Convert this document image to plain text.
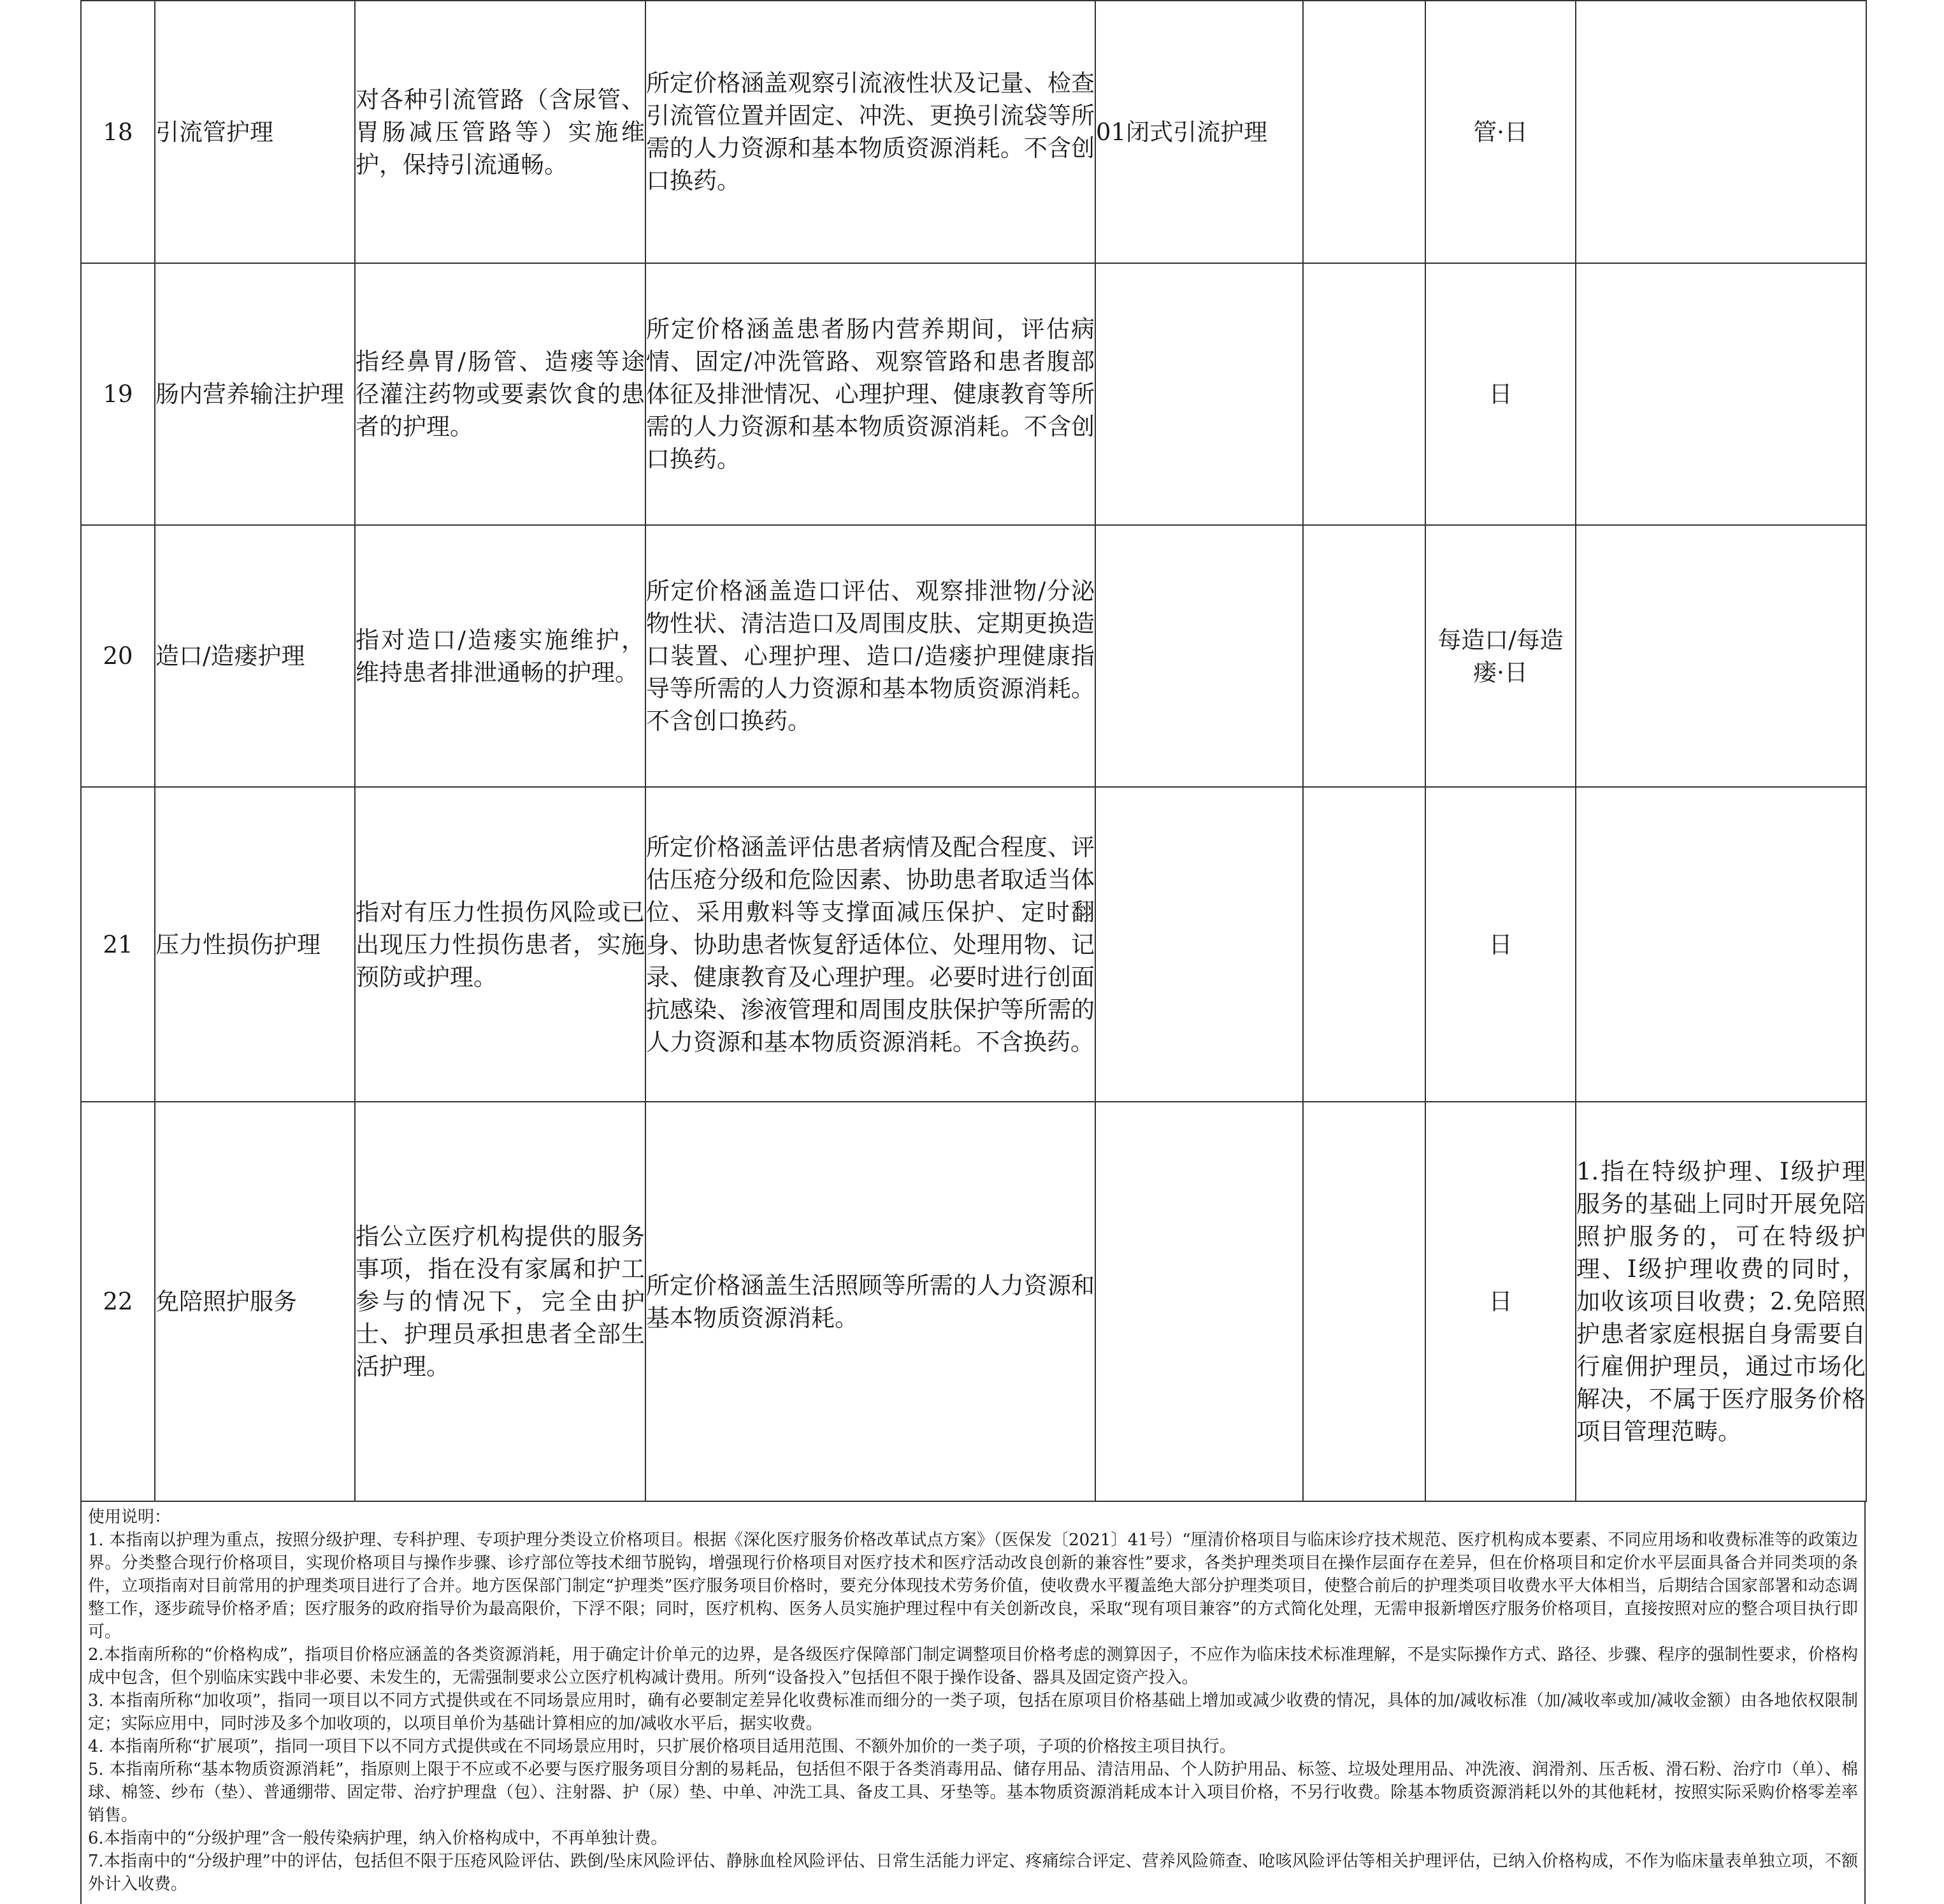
18	引流管护理	对各种引流管路（含尿管、胃肠减压管路等）实施维护，保持引流通畅。	所定价格涵盖观察引流液性状及记量、检查引流管位置并固定、冲洗、更换引流袋等所需的人力资源和基本物质资源消耗。不含创口换药。	01闭式引流护理		管·日	
19	肠内营养输注护理	指经鼻胃/肠管、造瘘等途径灌注药物或要素饮食的患者的护理。	所定价格涵盖患者肠内营养期间，评估病情、固定/冲洗管路、观察管路和患者腹部体征及排泄情况、心理护理、健康教育等所需的人力资源和基本物质资源消耗。不含创口换药。			日	
20	造口/造瘘护理	指对造口/造瘘实施维护，维持患者排泄通畅的护理。	所定价格涵盖造口评估、观察排泄物/分泌物性状、清洁造口及周围皮肤、定期更换造口装置、心理护理、造口/造瘘护理健康指导等所需的人力资源和基本物质资源消耗。不含创口换药。			每造口/每造瘘·日	
21	压力性损伤护理	指对有压力性损伤风险或已出现压力性损伤患者，实施预防或护理。	所定价格涵盖评估患者病情及配合程度、评估压疮分级和危险因素、协助患者取适当体位、采用敷料等支撑面减压保护、定时翻身、协助患者恢复舒适体位、处理用物、记录、健康教育及心理护理。必要时进行创面抗感染、渗液管理和周围皮肤保护等所需的人力资源和基本物质资源消耗。不含换药。			日	
22	免陪照护服务	指公立医疗机构提供的服务事项，指在没有家属和护工参与的情况下，完全由护士、护理员承担患者全部生活护理。	所定价格涵盖生活照顾等所需的人力资源和基本物质资源消耗。			日	1.指在特级护理、I级护理服务的基础上同时开展免陪照护服务的，可在特级护理、I级护理收费的同时，加收该项目收费；2.免陪照护患者家庭根据自身需要自行雇佣护理员，通过市场化解决，不属于医疗服务价格项目管理范畴。

使用说明：

1. 本指南以护理为重点，按照分级护理、专科护理、专项护理分类设立价格项目。根据《深化医疗服务价格改革试点方案》（医保发〔2021〕41号）“厘清价格项目与临床诊疗技术规范、医疗机构成本要素、不同应用场和收费标准等的政策边界。分类整合现行价格项目，实现价格项目与操作步骤、诊疗部位等技术细节脱钩，增强现行价格项目对医疗技术和医疗活动改良创新的兼容性”要求，各类护理类项目在操作层面存在差异，但在价格项目和定价水平层面具备合并同类项的条件，立项指南对目前常用的护理类项目进行了合并。地方医保部门制定“护理类”医疗服务项目价格时，要充分体现技术劳务价值，使收费水平覆盖绝大部分护理类项目，使整合前后的护理类项目收费水平大体相当，后期结合国家部署和动态调整工作，逐步疏导价格矛盾；医疗服务的政府指导价为最高限价，下浮不限；同时，医疗机构、医务人员实施护理过程中有关创新改良，采取“现有项目兼容”的方式简化处理，无需申报新增医疗服务价格项目，直接按照对应的整合项目执行即可。

2.本指南所称的“价格构成”，指项目价格应涵盖的各类资源消耗，用于确定计价单元的边界，是各级医疗保障部门制定调整项目价格考虑的测算因子，不应作为临床技术标准理解，不是实际操作方式、路径、步骤、程序的强制性要求，价格构成中包含，但个别临床实践中非必要、未发生的，无需强制要求公立医疗机构减计费用。所列“设备投入”包括但不限于操作设备、器具及固定资产投入。

3. 本指南所称“加收项”，指同一项目以不同方式提供或在不同场景应用时，确有必要制定差异化收费标准而细分的一类子项，包括在原项目价格基础上增加或减少收费的情况，具体的加/减收标准（加/减收率或加/减收金额）由各地依权限制定；实际应用中，同时涉及多个加收项的，以项目单价为基础计算相应的加/减收水平后，据实收费。

4. 本指南所称“扩展项”，指同一项目下以不同方式提供或在不同场景应用时，只扩展价格项目适用范围、不额外加价的一类子项，子项的价格按主项目执行。

5. 本指南所称“基本物质资源消耗”，指原则上限于不应或不必要与医疗服务项目分割的易耗品，包括但不限于各类消毒用品、储存用品、清洁用品、个人防护用品、标签、垃圾处理用品、冲洗液、润滑剂、压舌板、滑石粉、治疗巾（单）、棉球、棉签、纱布（垫）、普通绷带、固定带、治疗护理盘（包）、注射器、护（尿）垫、中单、冲洗工具、备皮工具、牙垫等。基本物质资源消耗成本计入项目价格，不另行收费。除基本物质资源消耗以外的其他耗材，按照实际采购价格零差率销售。

6.本指南中的“分级护理”含一般传染病护理，纳入价格构成中，不再单独计费。

7.本指南中的“分级护理”中的评估，包括但不限于压疮风险评估、跌倒/坠床风险评估、静脉血栓风险评估、日常生活能力评定、疼痛综合评定、营养风险筛查、呛咳风险评估等相关护理评估，已纳入价格构成，不作为临床量表单独立项，不额外计入收费。
